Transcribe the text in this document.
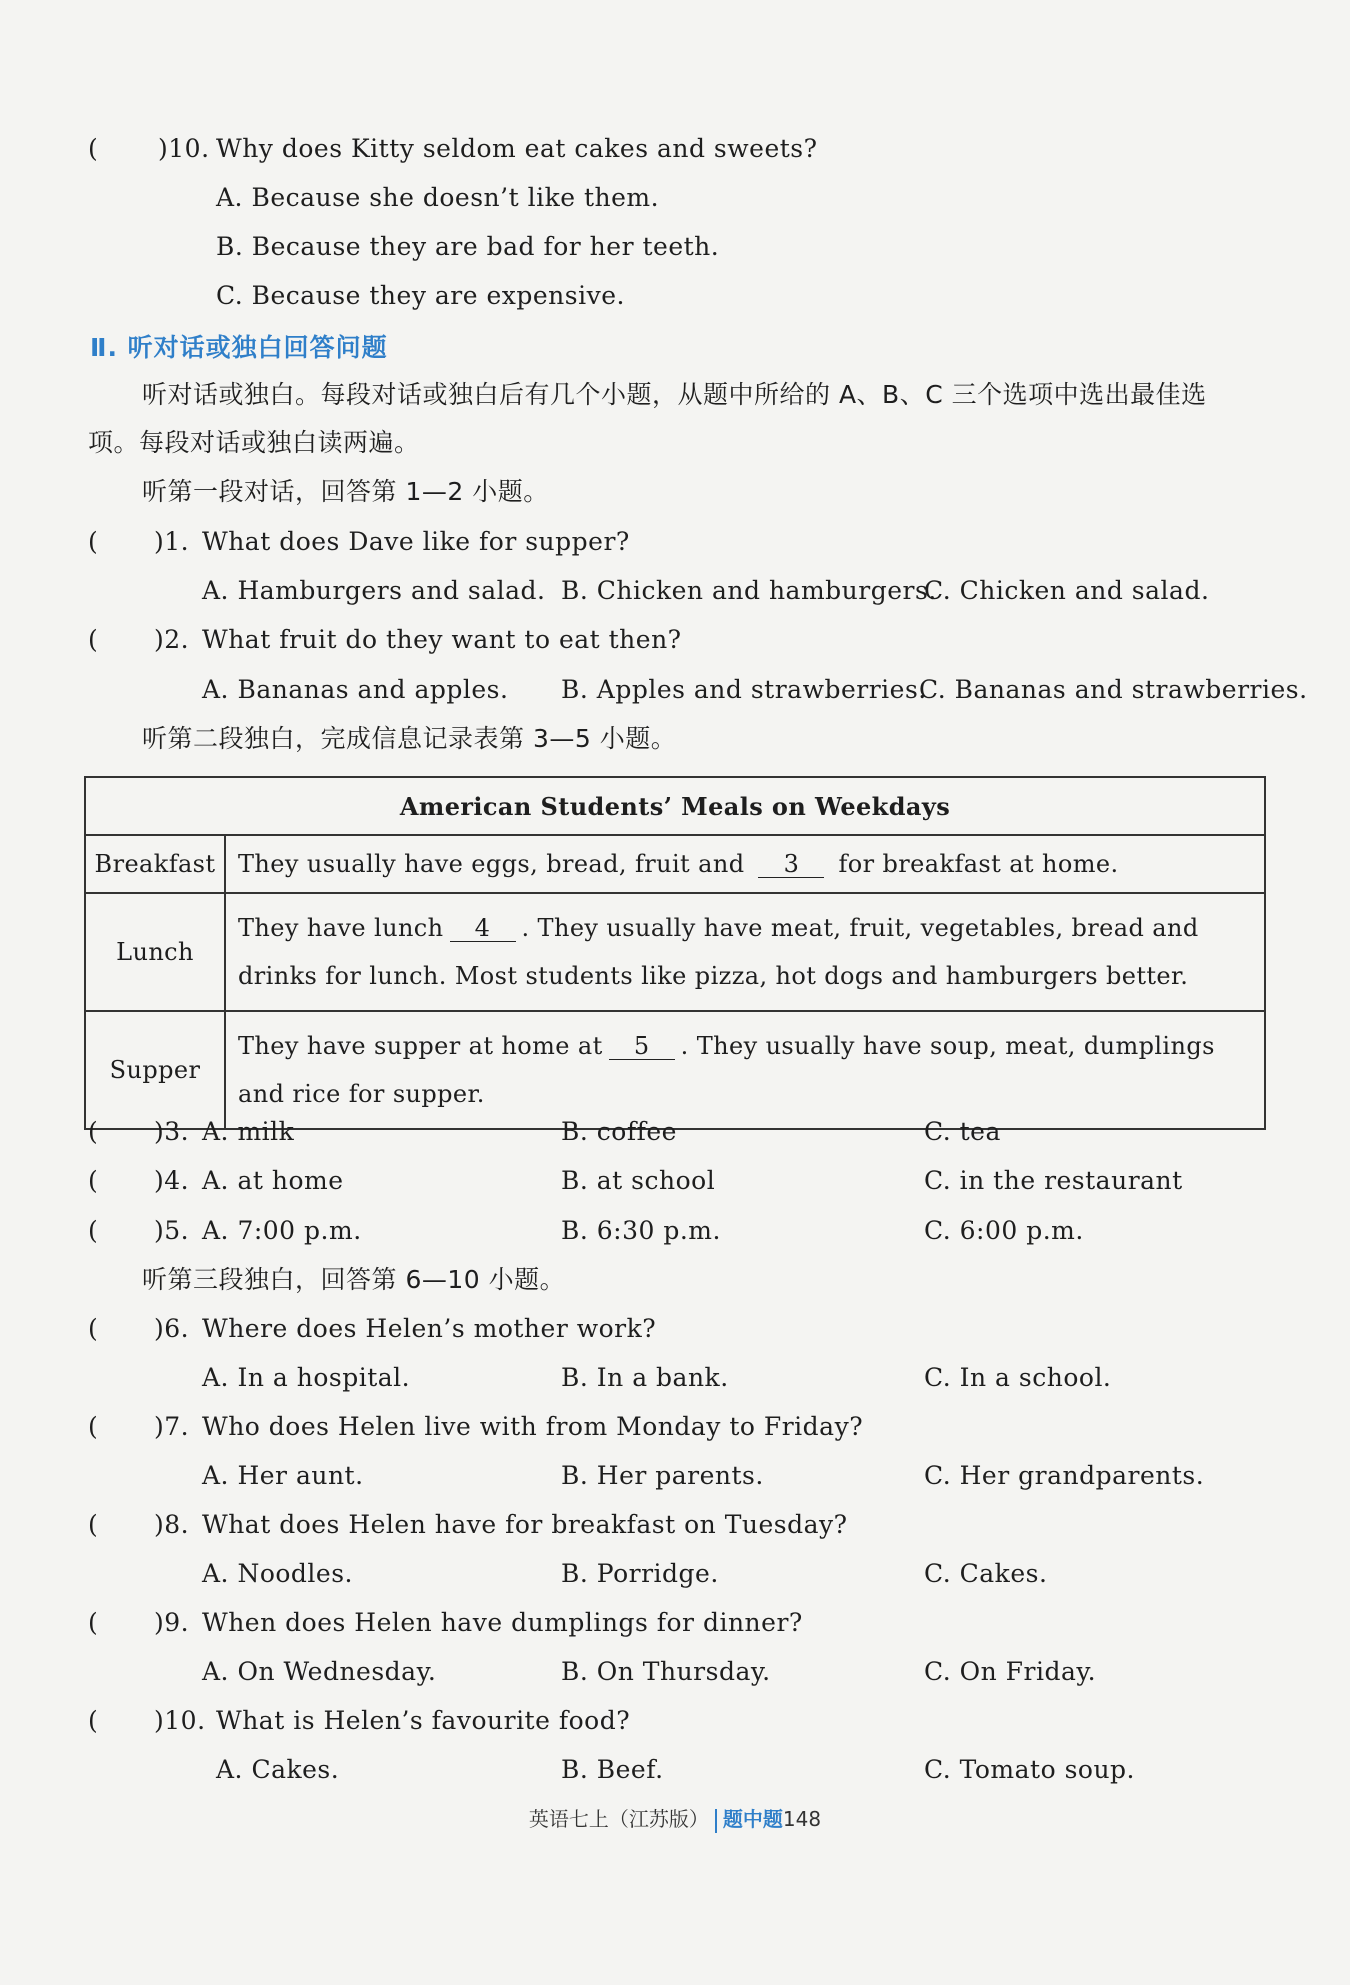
( )10. Why does Kitty seldom eat cakes and sweets?
A. Because she doesn’t like them.
B. Because they are bad for her teeth.
C. Because they are expensive.
Ⅱ. 听对话或独白回答问题
听对话或独白。每段对话或独白后有几个小题，从题中所给的 A、B、C 三个选项中选出最佳选
项。每段对话或独白读两遍。
听第一段对话，回答第 1—2 小题。
( )1. What does Dave like for supper?
A. Hamburgers and salad. B. Chicken and hamburgers.
C. Chicken and salad.
( )2. What fruit do they want to eat then?
A. Bananas and apples. B. Apples and strawberries.
C. Bananas and strawberries.
听第二段独白，完成信息记录表第 3—5 小题。
American Students’ Meals on Weekdays	
Breakfast	They usually have eggs, bread, fruit and 3 for breakfast at home.
Lunch	They have lunch 4 . They usually have meat, fruit, vegetables, bread and drinks for lunch. Most students like pizza, hot dogs and hamburgers better.
Supper	They have supper at home at 5 . They usually have soup, meat, dumplings and rice for supper.
( )3. A. milk	B. coffee	C. tea
( )4. A. at home	B. at school	C. in the restaurant
( )5. A. 7:00 p.m.	B. 6:30 p.m.	C. 6:00 p.m.
听第三段独白，回答第 6—10 小题。
( )6. Where does Helen’s mother work?
A. In a hospital.	B. In a bank.	C. In a school.
( )7. Who does Helen live with from Monday to Friday?
A. Her aunt.	B. Her parents.	C. Her grandparents.
( )8. What does Helen have for breakfast on Tuesday?
A. Noodles.	B. Porridge.	C. Cakes.
( )9. When does Helen have dumplings for dinner?
A. On Wednesday.	B. On Thursday.	C. On Friday.
( )10. What is Helen’s favourite food?
A. Cakes.	B. Beef.	C. Tomato soup.
英语七上（江苏版） 题中题148
